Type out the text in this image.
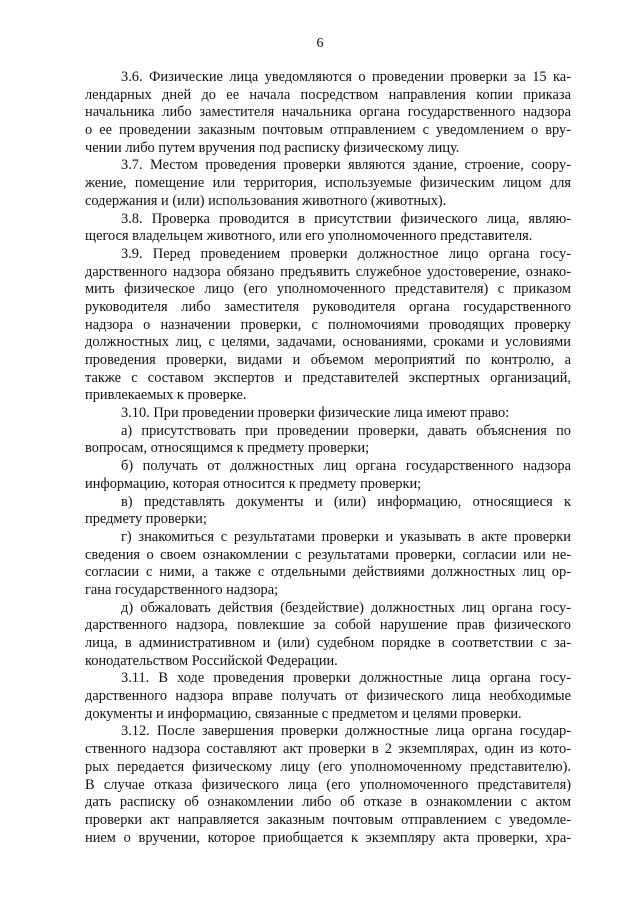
6
3.6. Физические лица уведомляются о проведении проверки за 15 ка-
лендарных дней до ее начала посредством направления копии приказа
начальника либо заместителя начальника органа государственного надзора
о ее проведении заказным почтовым отправлением с уведомлением о вру-
чении либо путем вручения под расписку физическому лицу.
3.7. Местом проведения проверки являются здание, строение, соору-
жение, помещение или территория, используемые физическим лицом для
содержания и (или) использования животного (животных).
3.8. Проверка проводится в присутствии физического лица, являю-
щегося владельцем животного, или его уполномоченного представителя.
3.9. Перед проведением проверки должностное лицо органа госу-
дарственного надзора обязано предъявить служебное удостоверение, ознако-
мить физическое лицо (его уполномоченного представителя) с приказом
руководителя либо заместителя руководителя органа государственного
надзора о назначении проверки, с полномочиями проводящих проверку
должностных лиц, с целями, задачами, основаниями, сроками и условиями
проведения проверки, видами и объемом мероприятий по контролю, а
также с составом экспертов и представителей экспертных организаций,
привлекаемых к проверке.
3.10. При проведении проверки физические лица имеют право:
а) присутствовать при проведении проверки, давать объяснения по
вопросам, относящимся к предмету проверки;
б) получать от должностных лиц органа государственного надзора
информацию, которая относится к предмету проверки;
в) представлять документы и (или) информацию, относящиеся к
предмету проверки;
г) знакомиться с результатами проверки и указывать в акте проверки
сведения о своем ознакомлении с результатами проверки, согласии или не-
согласии с ними, а также с отдельными действиями должностных лиц ор-
гана государственного надзора;
д) обжаловать действия (бездействие) должностных лиц органа госу-
дарственного надзора, повлекшие за собой нарушение прав физического
лица, в административном и (или) судебном порядке в соответствии с за-
конодательством Российской Федерации.
3.11. В ходе проведения проверки должностные лица органа госу-
дарственного надзора вправе получать от физического лица необходимые
документы и информацию, связанные с предметом и целями проверки.
3.12. После завершения проверки должностные лица органа государ-
ственного надзора составляют акт проверки в 2 экземплярах, один из кото-
рых передается физическому лицу (его уполномоченному представителю).
В случае отказа физического лица (его уполномоченного представителя)
дать расписку об ознакомлении либо об отказе в ознакомлении с актом
проверки акт направляется заказным почтовым отправлением с уведомле-
нием о вручении, которое приобщается к экземпляру акта проверки, хра-
